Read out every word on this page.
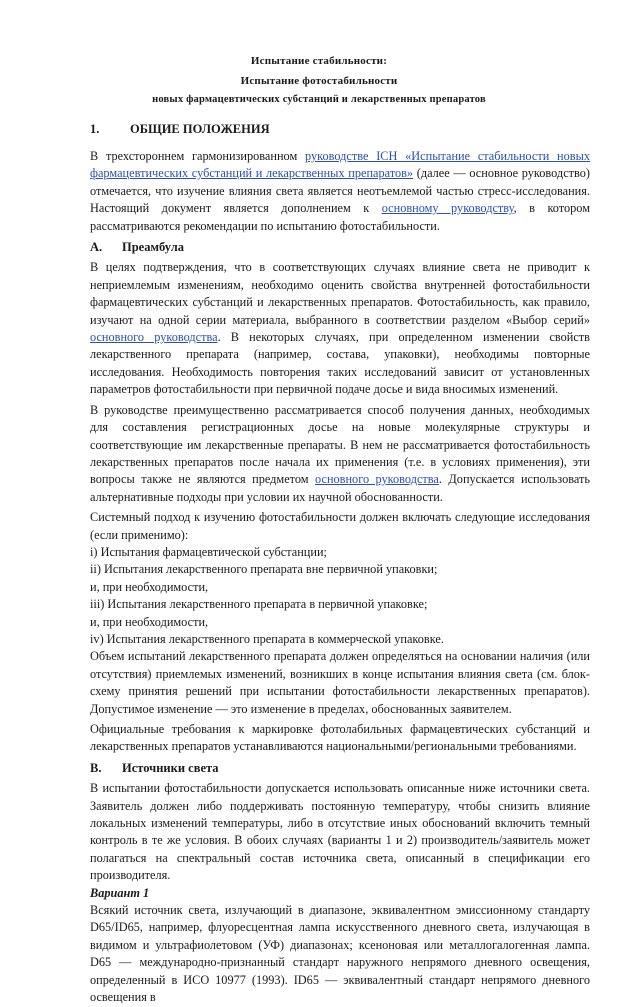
Испытание стабильности:
Испытание фотостабильности
новых фармацевтических субстанций и лекарственных препаратов
1. ОБЩИЕ ПОЛОЖЕНИЯ

В трехстороннем гармонизированном руководстве ICH «Испытание стабильности новых фармацевтических субстанций и лекарственных препаратов» (далее — основное руководство) отмечается, что изучение влияния света является неотъемлемой частью стресс-исследования. Настоящий документ является дополнением к основному руководству, в котором рассматриваются рекомендации по испытанию фотостабильности.

A. Преамбула

В целях подтверждения, что в соответствующих случаях влияние света не приводит к неприемлемым изменениям, необходимо оценить свойства внутренней фотостабильности фармацевтических субстанций и лекарственных препаратов. Фотостабильность, как правило, изучают на одной серии материала, выбранного в соответствии разделом «Выбор серий» основного руководства. В некоторых случаях, при определенном изменении свойств лекарственного препарата (например, состава, упаковки), необходимы повторные исследования. Необходимость повторения таких исследований зависит от установленных параметров фотостабильности при первичной подаче досье и вида вносимых изменений.

В руководстве преимущественно рассматривается способ получения данных, необходимых для составления регистрационных досье на новые молекулярные структуры и соответствующие им лекарственные препараты. В нем не рассматривается фотостабильность лекарственных препаратов после начала их применения (т.е. в условиях применения), эти вопросы также не являются предметом основного руководства. Допускается использовать альтернативные подходы при условии их научной обоснованности.

Системный подход к изучению фотостабильности должен включать следующие исследования (если применимо):

i) Испытания фармацевтической субстанции;

ii) Испытания лекарственного препарата вне первичной упаковки;

и, при необходимости,

iii) Испытания лекарственного препарата в первичной упаковке;

и, при необходимости,

iv) Испытания лекарственного препарата в коммерческой упаковке.

Объем испытаний лекарственного препарата должен определяться на основании наличия (или отсутствия) приемлемых изменений, возникших в конце испытания влияния света (см. блок-схему принятия решений при испытании фотостабильности лекарственных препаратов). Допустимое изменение — это изменение в пределах, обоснованных заявителем.

Официальные требования к маркировке фотолабильных фармацевтических субстанций и лекарственных препаратов устанавливаются национальными/региональными требованиями.

B. Источники света

В испытании фотостабильности допускается использовать описанные ниже источники света. Заявитель должен либо поддерживать постоянную температуру, чтобы снизить влияние локальных изменений температуры, либо в отсутствие иных обоснований включить темный контроль в те же условия. В обоих случаях (варианты 1 и 2) производитель/заявитель может полагаться на спектральный состав источника света, описанный в спецификации его производителя.

Вариант 1

Всякий источник света, излучающий в диапазоне, эквивалентном эмиссионному стандарту D65/ID65, например, флуоресцентная лампа искусственного дневного света, излучающая в видимом и ультрафиолетовом (УФ) диапазонах; ксеноновая или металлогалогенная лампа. D65 — международно-признанный стандарт наружного непрямого дневного освещения, определенный в ИСО 10977 (1993). ID65 — эквивалентный стандарт непрямого дневного освещения в
